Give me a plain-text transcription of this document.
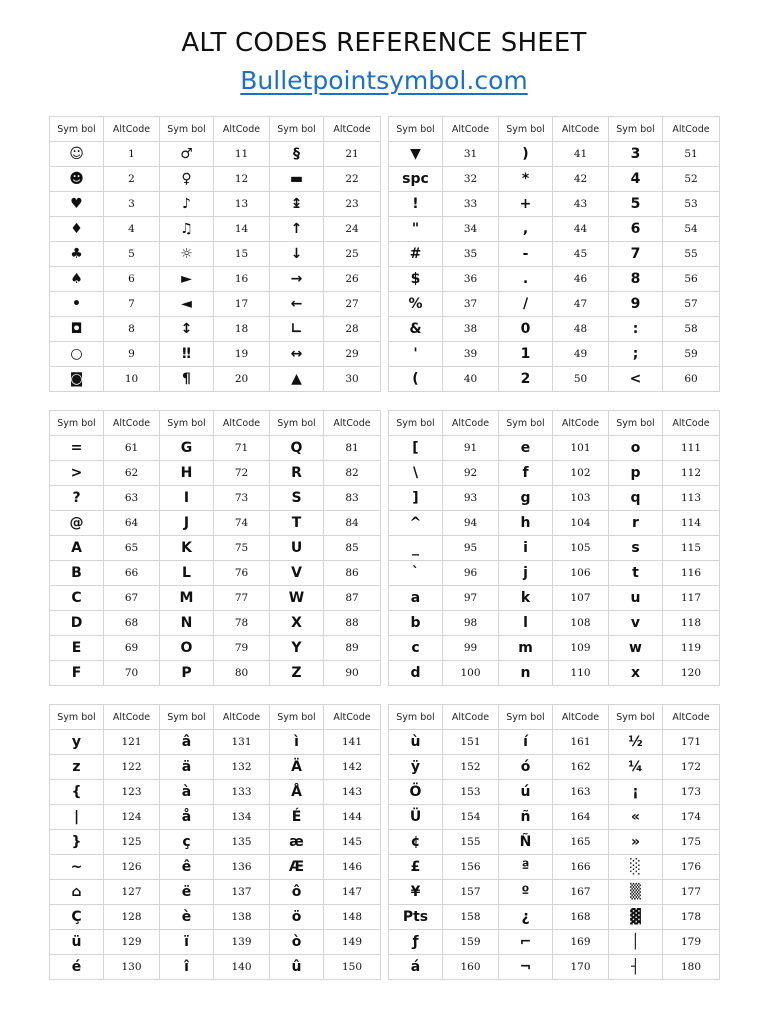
ALT CODES REFERENCE SHEET
Bulletpointsymbol.com
Sym bol	AltCode	Sym bol	AltCode	Sym bol	AltCode
☺	1	♂	11	§	21
☻	2	♀	12	▬	22
♥	3	♪	13	↨	23
♦	4	♫	14	↑	24
♣	5	☼	15	↓	25
♠	6	►	16	→	26
•	7	◄	17	←	27
◘	8	↕	18	∟	28
○	9	‼	19	↔	29
◙	10	¶	20	▲	30
Sym bol	AltCode	Sym bol	AltCode	Sym bol	AltCode
▼	31	)	41	3	51
spc	32	*	42	4	52
!	33	+	43	5	53
"	34	,	44	6	54
#	35	-	45	7	55
$	36	.	46	8	56
%	37	/	47	9	57
&	38	0	48	:	58
'	39	1	49	;	59
(	40	2	50	<	60
Sym bol	AltCode	Sym bol	AltCode	Sym bol	AltCode
=	61	G	71	Q	81
>	62	H	72	R	82
?	63	I	73	S	83
@	64	J	74	T	84
A	65	K	75	U	85
B	66	L	76	V	86
C	67	M	77	W	87
D	68	N	78	X	88
E	69	O	79	Y	89
F	70	P	80	Z	90
Sym bol	AltCode	Sym bol	AltCode	Sym bol	AltCode
[	91	e	101	o	111
\	92	f	102	p	112
]	93	g	103	q	113
^	94	h	104	r	114
_	95	i	105	s	115
`	96	j	106	t	116
a	97	k	107	u	117
b	98	l	108	v	118
c	99	m	109	w	119
d	100	n	110	x	120
Sym bol	AltCode	Sym bol	AltCode	Sym bol	AltCode
y	121	â	131	ì	141
z	122	ä	132	Ä	142
{	123	à	133	Å	143
|	124	å	134	É	144
}	125	ç	135	æ	145
~	126	ê	136	Æ	146
⌂	127	ë	137	ô	147
Ç	128	è	138	ö	148
ü	129	ï	139	ò	149
é	130	î	140	û	150
Sym bol	AltCode	Sym bol	AltCode	Sym bol	AltCode
ù	151	í	161	½	171
ÿ	152	ó	162	¼	172
Ö	153	ú	163	¡	173
Ü	154	ñ	164	«	174
¢	155	Ñ	165	»	175
£	156	ª	166	░	176
¥	157	º	167	▒	177
Pts	158	¿	168	▓	178
ƒ	159	⌐	169	│	179
á	160	¬	170	┤	180
